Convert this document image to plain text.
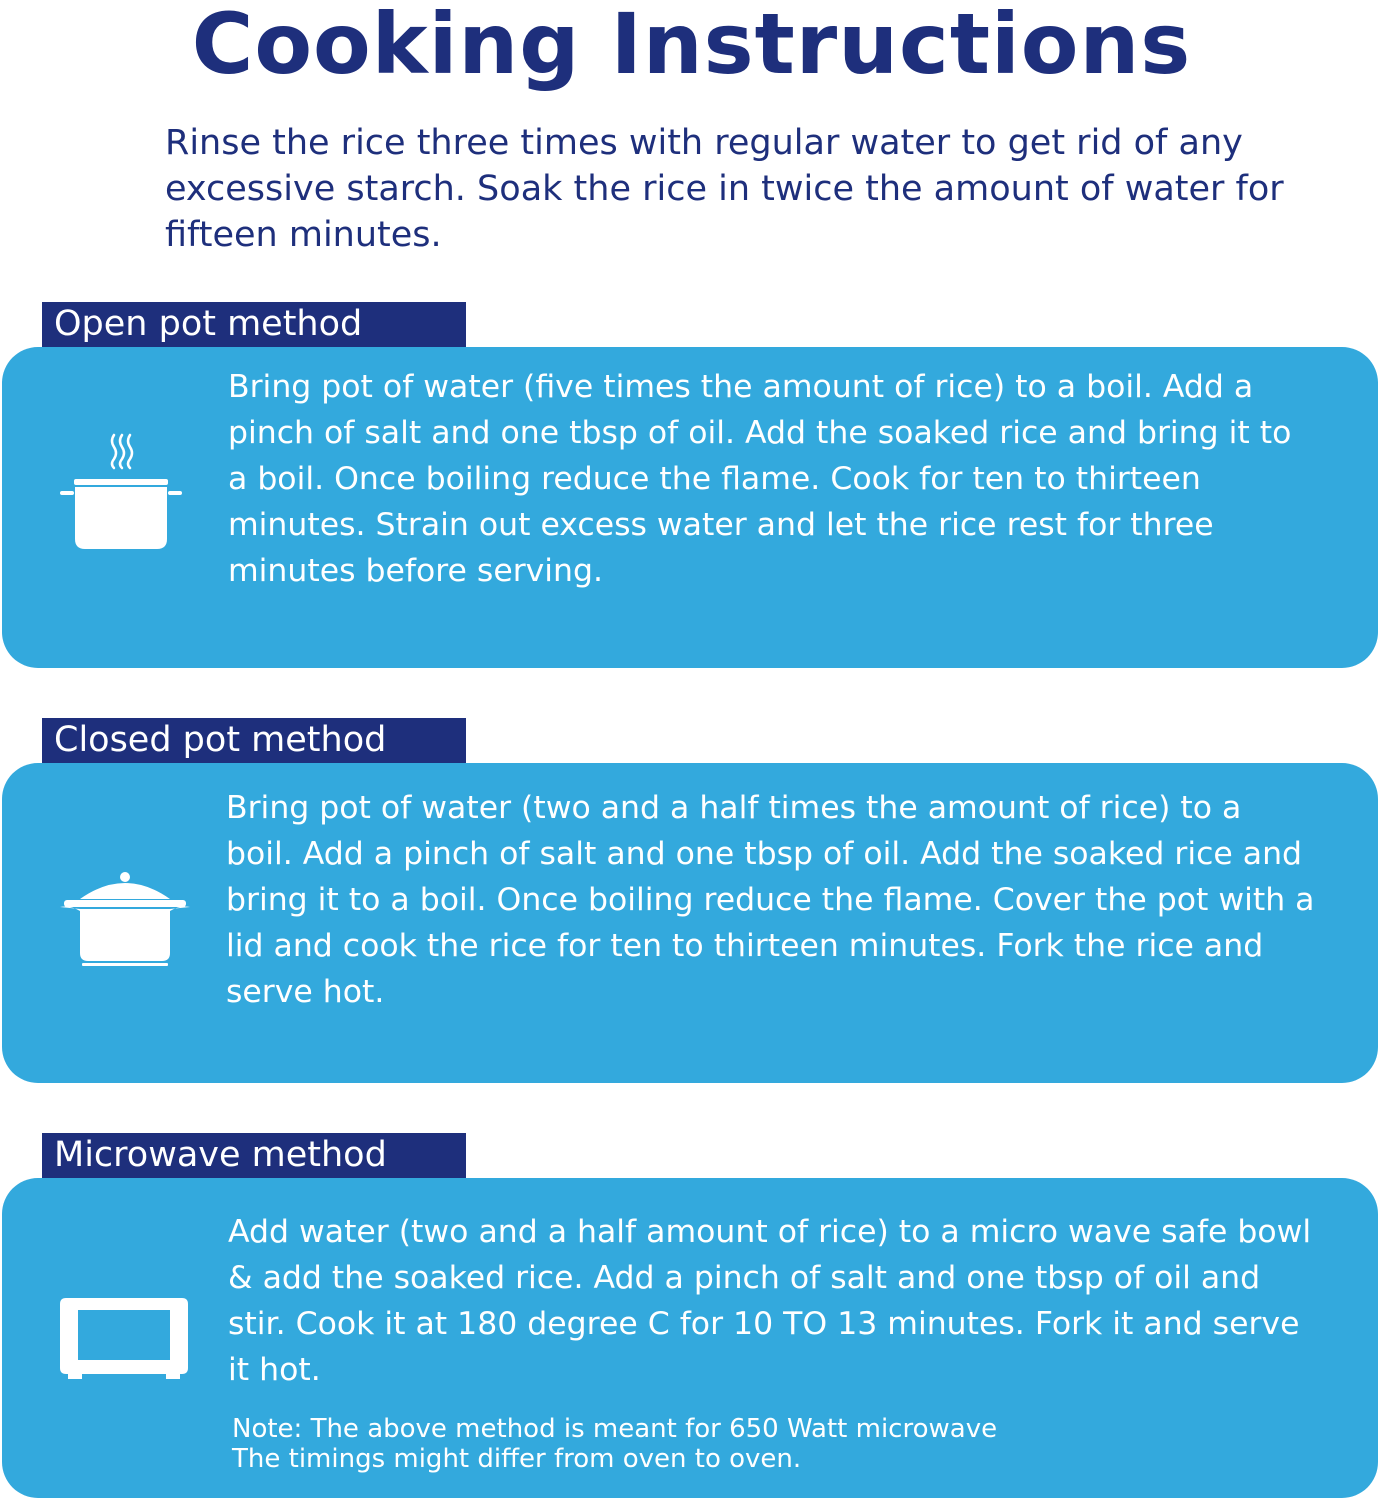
Cooking Instructions

Rinse the rice three times with regular water to get rid of any excessive starch. Soak the rice in twice the amount of water for fifteen minutes.

Open pot method

Bring pot of water (five times the amount of rice) to a boil. Add a pinch of salt and one tbsp of oil. Add the soaked rice and bring it to a boil. Once boiling reduce the flame. Cook for ten to thirteen minutes. Strain out excess water and let the rice rest for three minutes before serving.

Closed pot method

Bring pot of water (two and a half times the amount of rice) to a boil. Add a pinch of salt and one tbsp of oil. Add the soaked rice and bring it to a boil. Once boiling reduce the flame. Cover the pot with a lid and cook the rice for ten to thirteen minutes. Fork the rice and serve hot.

Microwave method

Add water (two and a half amount of rice) to a micro wave safe bowl & add the soaked rice. Add a pinch of salt and one tbsp of oil and stir. Cook it at 180 degree C for 10 TO 13 minutes. Fork it and serve it hot.

Note: The above method is meant for 650 Watt microwave
The timings might differ from oven to oven.
